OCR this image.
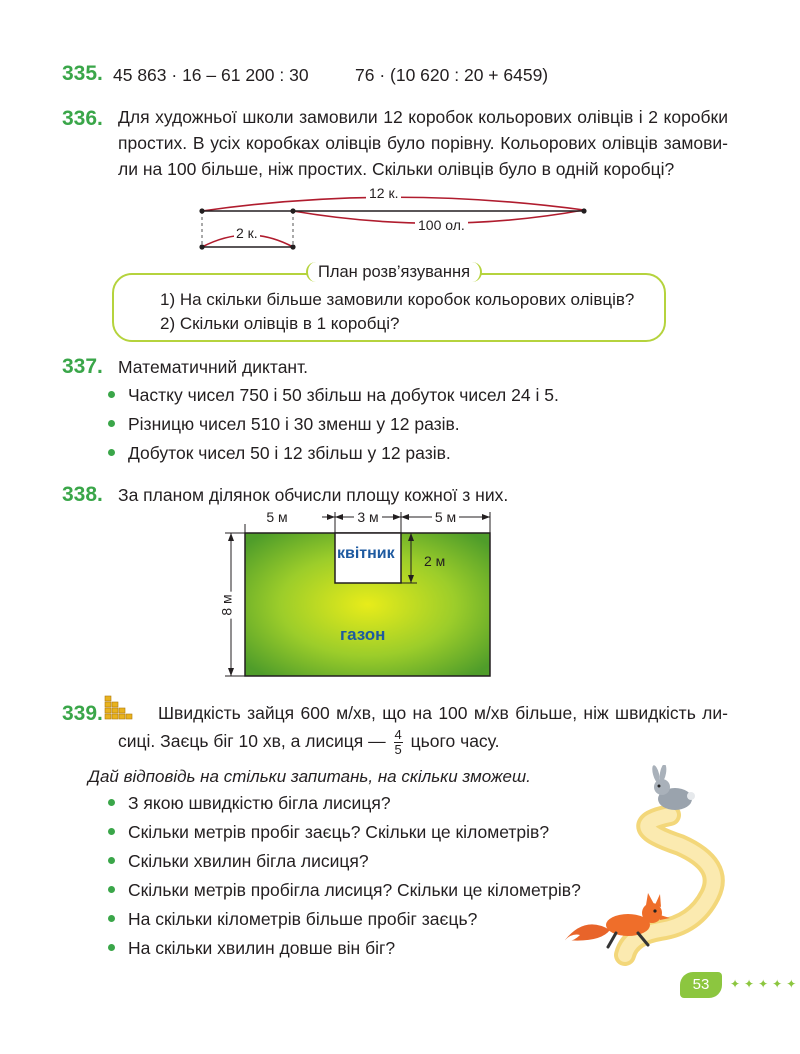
335. 45 863 · 16 – 61 200 : 30	76 · (10 620 : 20 + 6459)
336. Для художньої школи замовили 12 коробок кольорових олівців і 2 коробки
простих. В усіх коробках олівців було порівну. Кольорових олівців замови-
ли на 100 більше, ніж простих. Скільки олівців було в одній коробці?
12 к.
2 к.	100 ол.
План розв’язування
1) На скільки більше замовили коробок кольорових олівців?
2) Скільки олівців в 1 коробці?
337. Математичний диктант.
Частку чисел 750 і 50 збільш на добуток чисел 24 і 5.
Різницю чисел 510 і 30 зменш у 12 разів.
Добуток чисел 50 і 12 збільш у 12 разів.
338. За планом ділянок обчисли площу кожної з них.
5 м	3 м	5 м
8 м
2 м
квітник
газон
339.	Швидкість зайця 600 м/хв, що на 100 м/хв більше, ніж швидкість ли-
сиці. Заєць біг 10 хв, а лисиця — $\frac{4}{5}$ цього часу.
Дай відповідь на стільки запитань, на скільки зможеш.
З якою швидкістю бігла лисиця?
Скільки метрів пробіг заєць? Скільки це кілометрів?
Скільки хвилин бігла лисиця?
Скільки метрів пробігла лисиця? Скільки це кілометрів?
На скільки кілометрів більше пробіг заєць?
На скільки хвилин довше він біг?
53	✦✦✦✦✦
